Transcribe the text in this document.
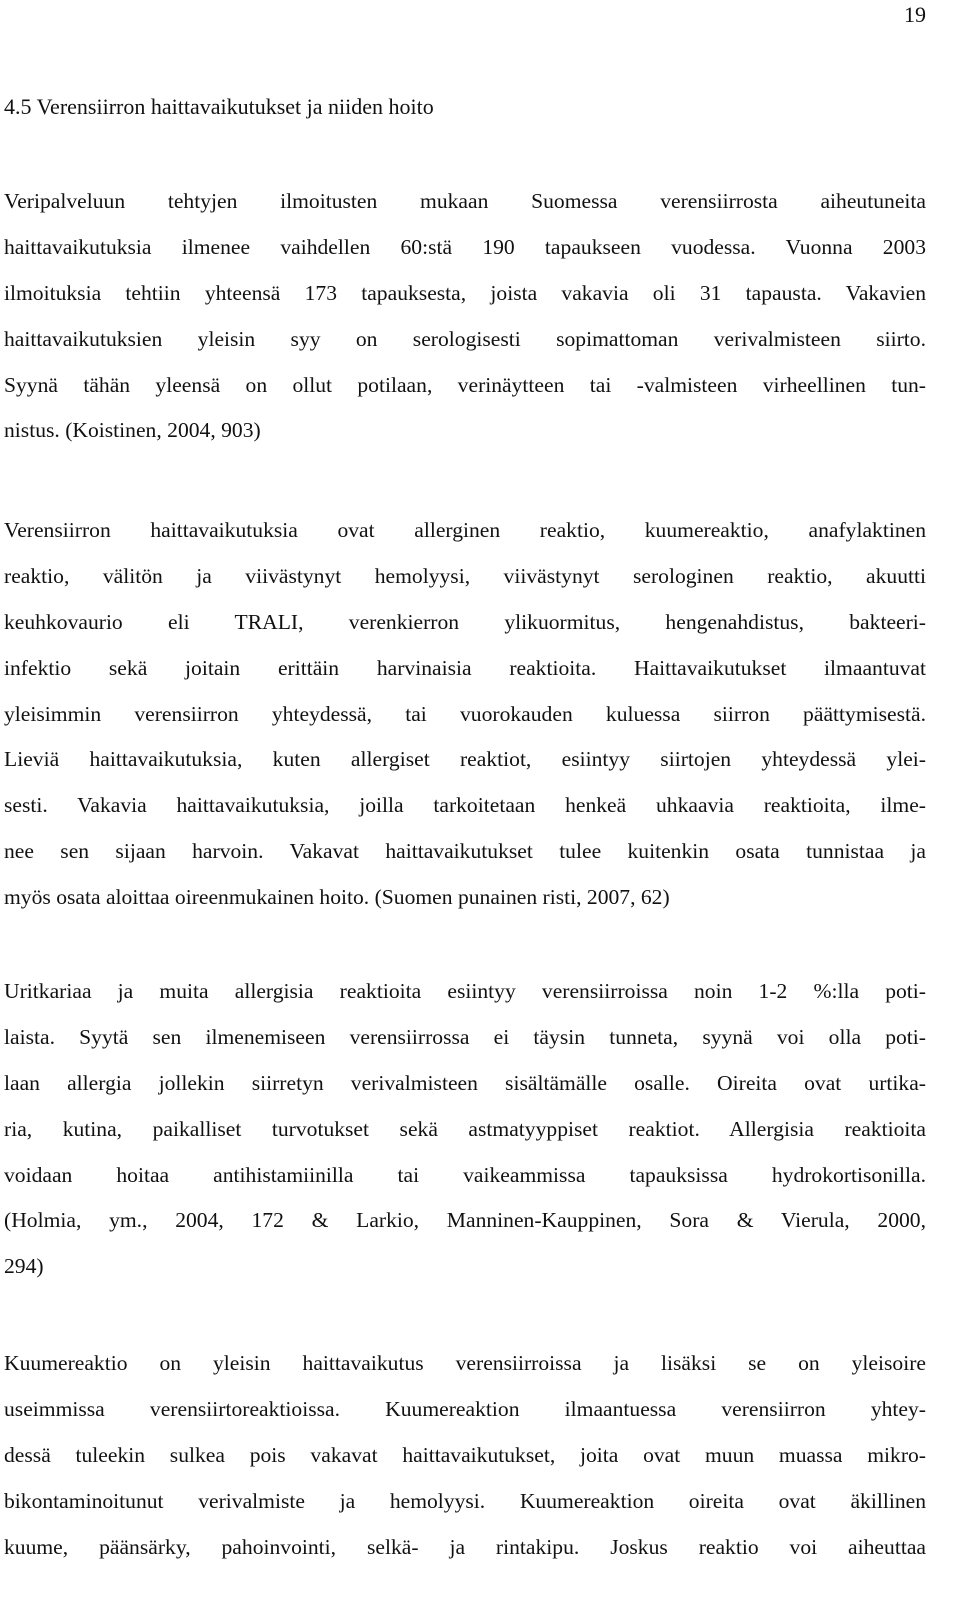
19
4.5 Verensiirron haittavaikutukset ja niiden hoito
Veripalveluun tehtyjen ilmoitusten mukaan Suomessa verensiirrosta aiheutuneita
haittavaikutuksia ilmenee vaihdellen 60:stä 190 tapaukseen vuodessa. Vuonna 2003
ilmoituksia tehtiin yhteensä 173 tapauksesta, joista vakavia oli 31 tapausta. Vakavien
haittavaikutuksien yleisin syy on serologisesti sopimattoman verivalmisteen siirto.
Syynä tähän yleensä on ollut potilaan, verinäytteen tai -valmisteen virheellinen tun-
nistus. (Koistinen, 2004, 903)
Verensiirron haittavaikutuksia ovat allerginen reaktio, kuumereaktio, anafylaktinen
reaktio, välitön ja viivästynyt hemolyysi, viivästynyt serologinen reaktio, akuutti
keuhkovaurio eli TRALI, verenkierron ylikuormitus, hengenahdistus, bakteeri-
infektio sekä joitain erittäin harvinaisia reaktioita. Haittavaikutukset ilmaantuvat
yleisimmin verensiirron yhteydessä, tai vuorokauden kuluessa siirron päättymisestä.
Lieviä haittavaikutuksia, kuten allergiset reaktiot, esiintyy siirtojen yhteydessä ylei-
sesti. Vakavia haittavaikutuksia, joilla tarkoitetaan henkeä uhkaavia reaktioita, ilme-
nee sen sijaan harvoin. Vakavat haittavaikutukset tulee kuitenkin osata tunnistaa ja
myös osata aloittaa oireenmukainen hoito. (Suomen punainen risti, 2007, 62)
Uritkariaa ja muita allergisia reaktioita esiintyy verensiirroissa noin 1-2 %:lla poti-
laista. Syytä sen ilmenemiseen verensiirrossa ei täysin tunneta, syynä voi olla poti-
laan allergia jollekin siirretyn verivalmisteen sisältämälle osalle. Oireita ovat urtika-
ria, kutina, paikalliset turvotukset sekä astmatyyppiset reaktiot. Allergisia reaktioita
voidaan hoitaa antihistamiinilla tai vaikeammissa tapauksissa hydrokortisonilla.
(Holmia, ym., 2004, 172 & Larkio, Manninen-Kauppinen, Sora & Vierula, 2000,
294)
Kuumereaktio on yleisin haittavaikutus verensiirroissa ja lisäksi se on yleisoire
useimmissa verensiirtoreaktioissa. Kuumereaktion ilmaantuessa verensiirron yhtey-
dessä tuleekin sulkea pois vakavat haittavaikutukset, joita ovat muun muassa mikro-
bikontaminoitunut verivalmiste ja hemolyysi. Kuumereaktion oireita ovat äkillinen
kuume, päänsärky, pahoinvointi, selkä- ja rintakipu. Joskus reaktio voi aiheuttaa
